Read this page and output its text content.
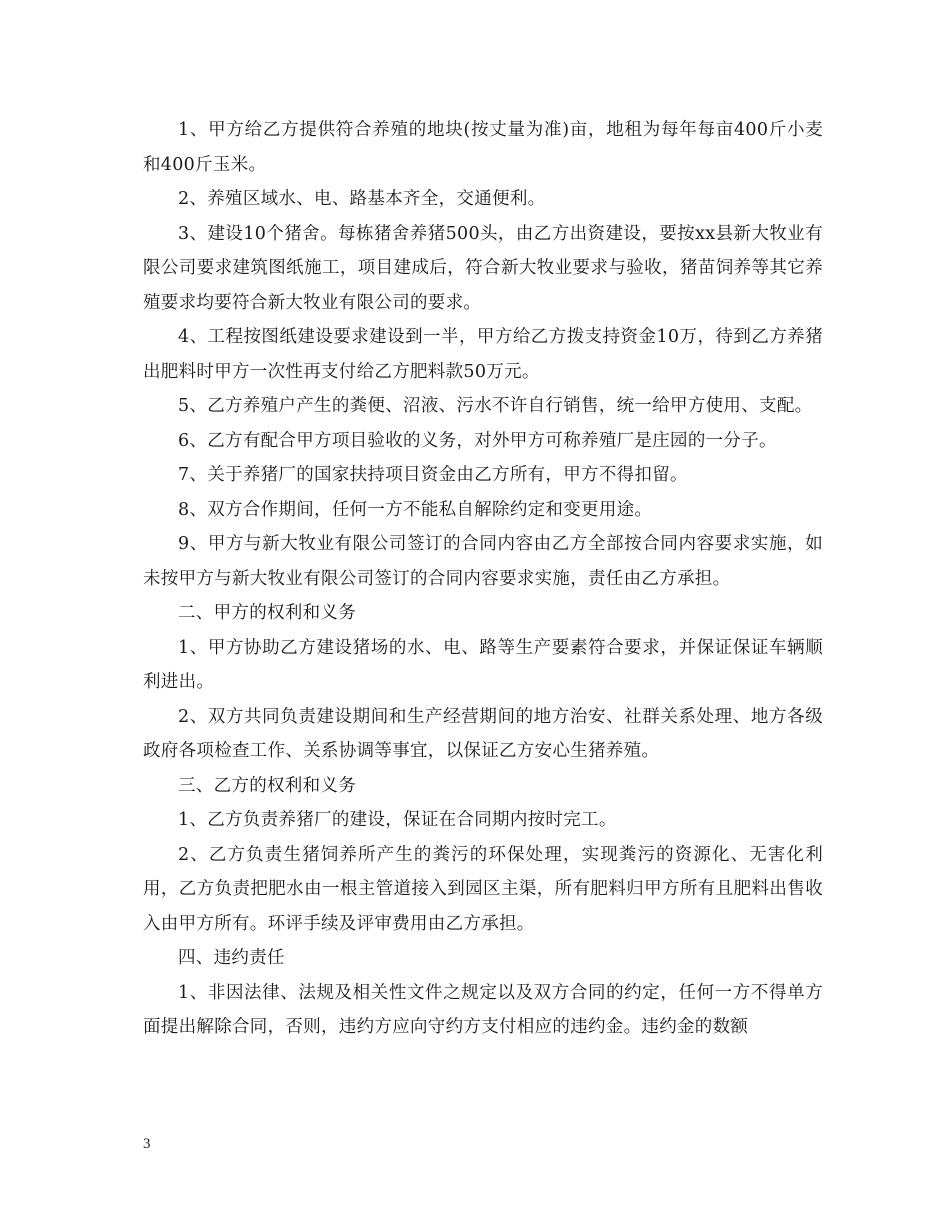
1、甲方给乙方提供符合养殖的地块(按丈量为准)亩，地租为每年每亩400斤小麦和400斤玉米。

2、养殖区域水、电、路基本齐全，交通便利。

3、建设10个猪舍。每栋猪舍养猪500头，由乙方出资建设，要按xx县新大牧业有限公司要求建筑图纸施工，项目建成后，符合新大牧业要求与验收，猪苗饲养等其它养殖要求均要符合新大牧业有限公司的要求。

4、工程按图纸建设要求建设到一半，甲方给乙方拨支持资金10万，待到乙方养猪出肥料时甲方一次性再支付给乙方肥料款50万元。

5、乙方养殖户产生的粪便、沼液、污水不许自行销售，统一给甲方使用、支配。

6、乙方有配合甲方项目验收的义务，对外甲方可称养殖厂是庄园的一分子。

7、关于养猪厂的国家扶持项目资金由乙方所有，甲方不得扣留。

8、双方合作期间，任何一方不能私自解除约定和变更用途。

9、甲方与新大牧业有限公司签订的合同内容由乙方全部按合同内容要求实施，如未按甲方与新大牧业有限公司签订的合同内容要求实施，责任由乙方承担。

二、甲方的权利和义务

1、甲方协助乙方建设猪场的水、电、路等生产要素符合要求，并保证保证车辆顺利进出。

2、双方共同负责建设期间和生产经营期间的地方治安、社群关系处理、地方各级政府各项检查工作、关系协调等事宜，以保证乙方安心生猪养殖。

三、乙方的权利和义务

1、乙方负责养猪厂的建设，保证在合同期内按时完工。

2、乙方负责生猪饲养所产生的粪污的环保处理，实现粪污的资源化、无害化利用，乙方负责把肥水由一根主管道接入到园区主渠，所有肥料归甲方所有且肥料出售收入由甲方所有。环评手续及评审费用由乙方承担。

四、违约责任

1、非因法律、法规及相关性文件之规定以及双方合同的约定，任何一方不得单方面提出解除合同，否则，违约方应向守约方支付相应的违约金。违约金的数额

3
